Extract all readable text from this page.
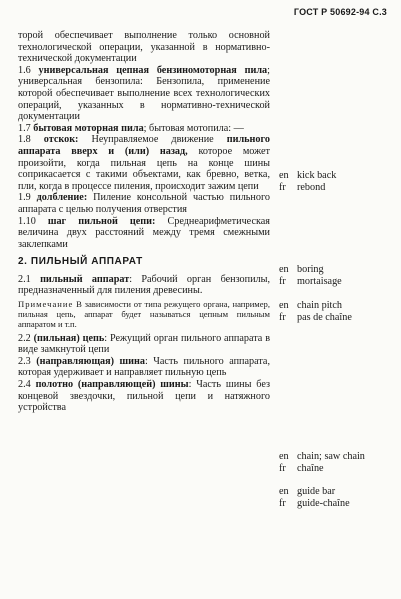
ГОСТ Р 50692-94 С.3

торой обеспечивает выполнение только основной технологической операции, указанной в нормативно-технической документации

1.6 универсальная цепная бензиномоторная пила; универсальная бензопила: Бензопила, применение которой обеспечивает выполнение всех технологических операций, указанных в нормативно-технической документации

1.7 бытовая моторная пила; бытовая мотопила: —

1.8 отскок: Неуправляемое движение пильного аппарата вверх и (или) назад, которое может произойти, когда пильная цепь на конце шины соприкасается с такими объектами, как бревно, ветка, пли, когда в процессе пиления, происходит зажим цепи

1.9 долбление: Пиление консольной частью пильного аппарата с целью получения отверстия

1.10 шаг пильной цепи: Среднеарифметическая величина двух расстояний между тремя смежными заклепками

2. ПИЛЬНЫЙ АППАРАТ

2.1 пильный аппарат: Рабочий орган бензопилы, предназначенный для пиления древесины.

Примечание В зависимости от типа режущего органа, например, пильная цепь, аппарат будет называться цепным пильным аппаратом и т.п.

2.2 (пильная) цепь: Режущий орган пильного аппарата в виде замкнутой цепи

2.3 (направляющая) шина: Часть пильного аппарата, которая удерживает и направляет пильную цепь

2.4 полотно (направляющей) шины: Часть шины без концевой звездочки, пильной цепи и натяжного устройства

en kick back
fr rebond
en boring
fr mortaisage
en chain pitch
fr pas de chaîne
en chain; saw chain
fr chaîne
en guide bar
fr guide-chaîne
